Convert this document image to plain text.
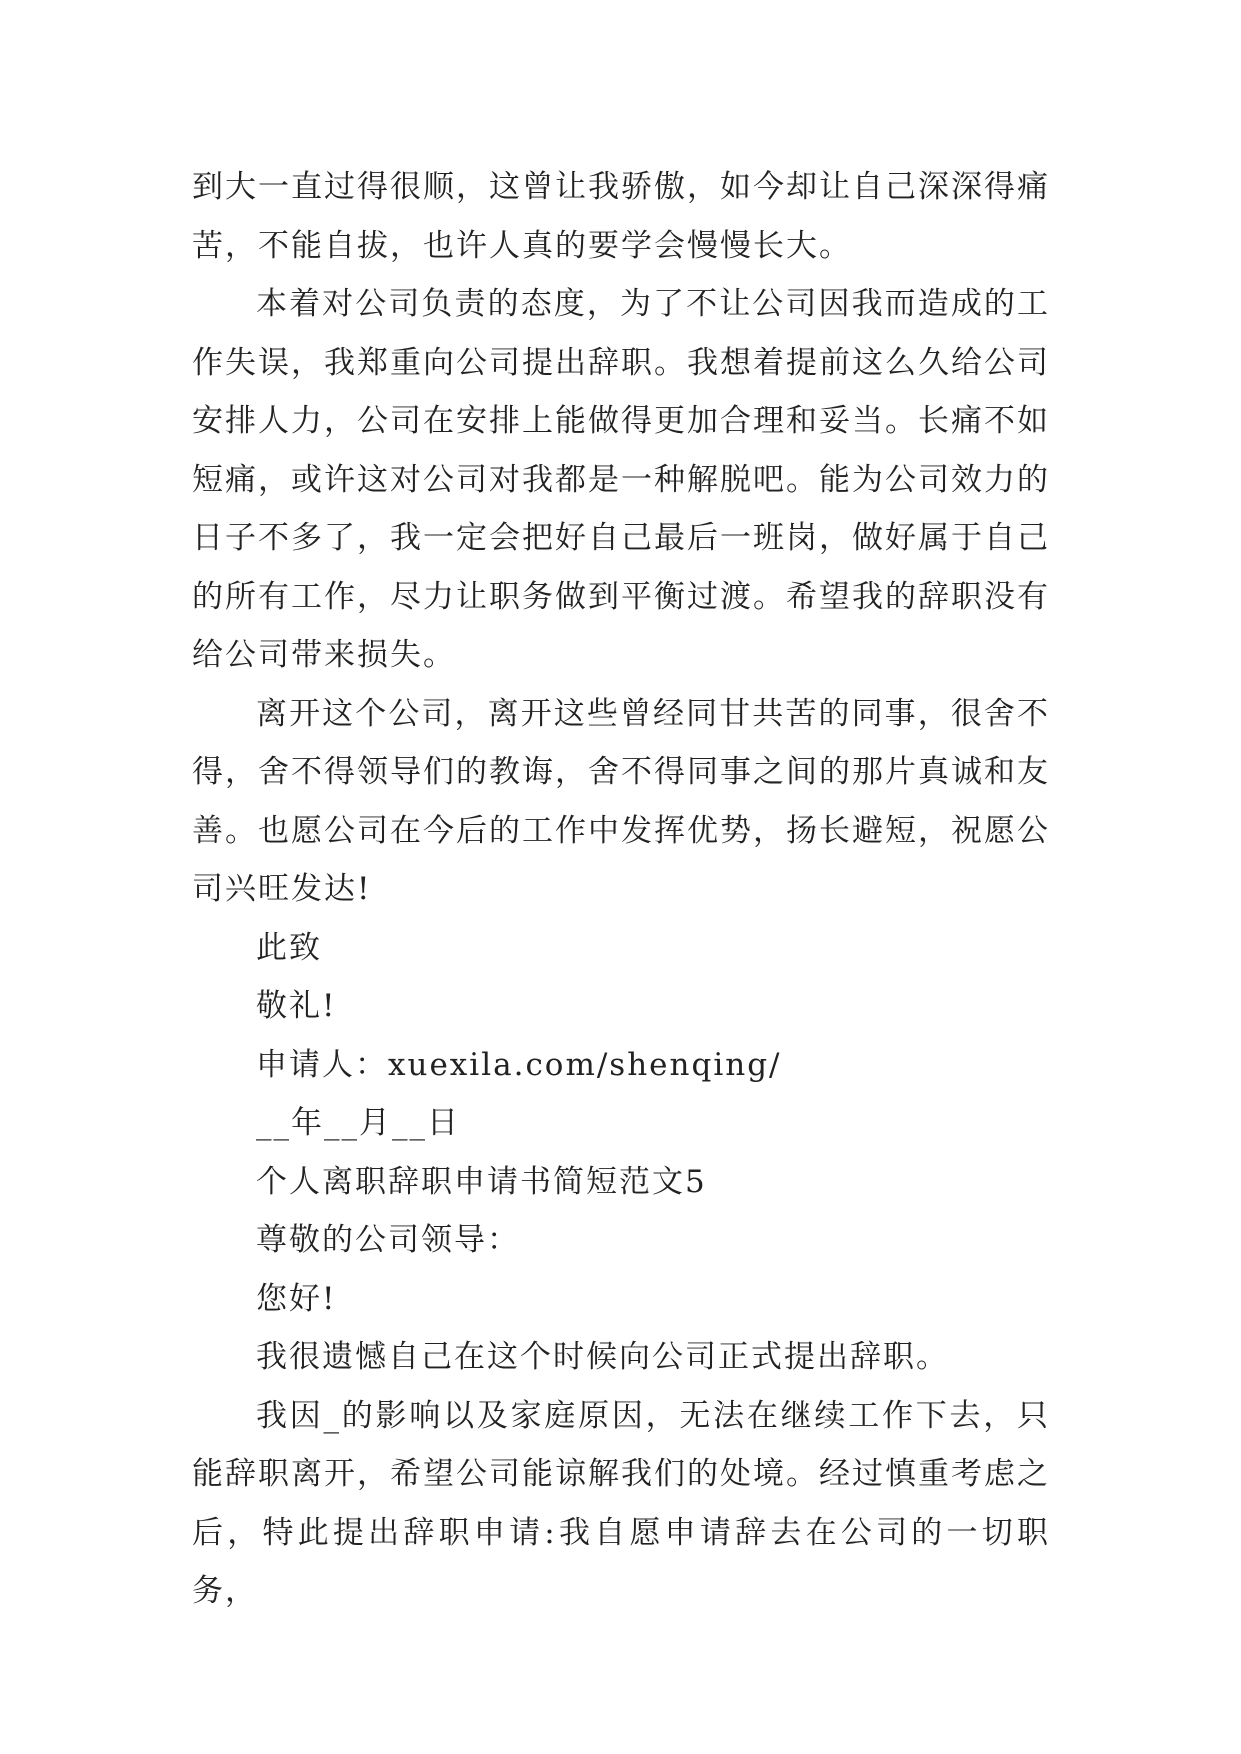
到大一直过得很顺，这曾让我骄傲，如今却让自己深深得痛苦，不能自拔，也许人真的要学会慢慢长大。

本着对公司负责的态度，为了不让公司因我而造成的工作失误，我郑重向公司提出辞职。我想着提前这么久给公司安排人力，公司在安排上能做得更加合理和妥当。长痛不如短痛，或许这对公司对我都是一种解脱吧。能为公司效力的日子不多了，我一定会把好自己最后一班岗，做好属于自己的所有工作，尽力让职务做到平衡过渡。希望我的辞职没有给公司带来损失。

离开这个公司，离开这些曾经同甘共苦的同事，很舍不得，舍不得领导们的教诲，舍不得同事之间的那片真诚和友善。也愿公司在今后的工作中发挥优势，扬长避短，祝愿公司兴旺发达!

此致

敬礼!

申请人：xuexila.com/shenqing/

__年__月__日

个人离职辞职申请书简短范文5

尊敬的公司领导：

您好!

我很遗憾自己在这个时候向公司正式提出辞职。

我因_的影响以及家庭原因，无法在继续工作下去，只能辞职离开，希望公司能谅解我们的处境。经过慎重考虑之后，特此提出辞职申请:我自愿申请辞去在公司的一切职务，
